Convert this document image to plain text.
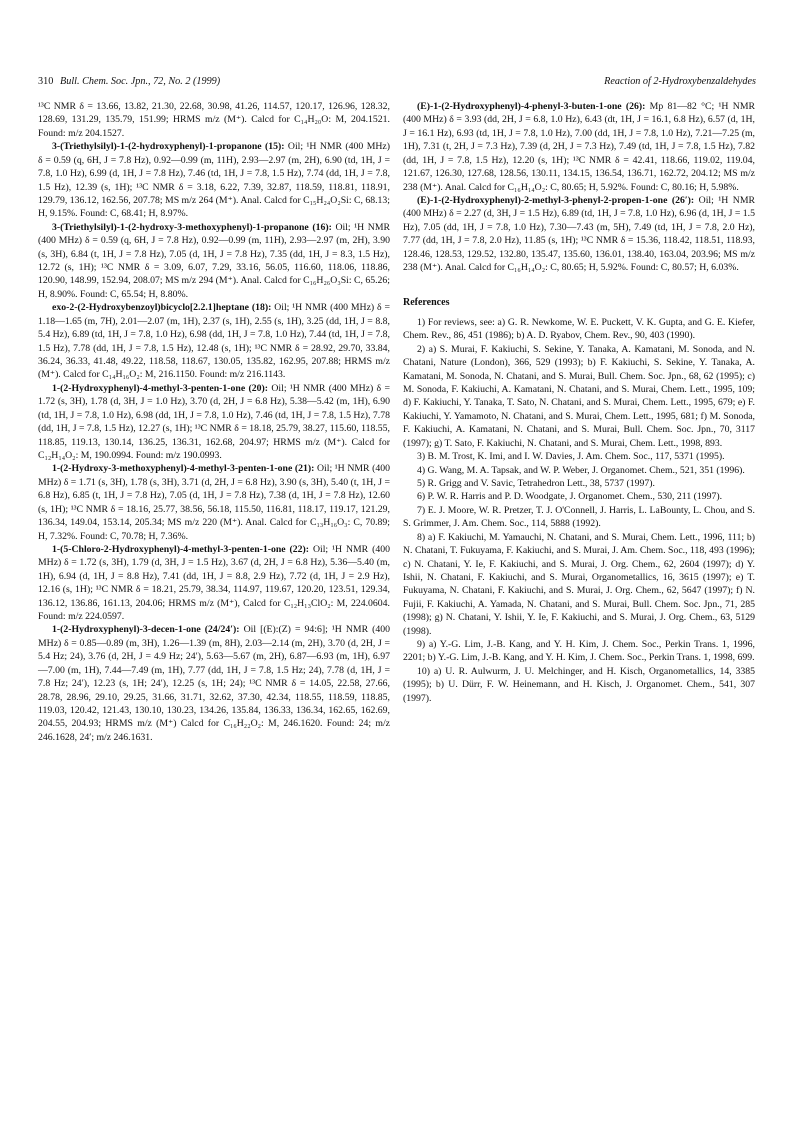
310 Bull. Chem. Soc. Jpn., 72, No. 2 (1999)	Reaction of 2-Hydroxybenzaldehydes

¹³C NMR δ = 13.66, 13.82, 21.30, 22.68, 30.98, 41.26, 114.57, 120.17, 126.96, 128.32, 128.69, 131.29, 135.79, 151.99; HRMS m/z (M⁺). Calcd for C₁₄H₂₀O: M, 204.1521. Found: m/z 204.1527.

3-(Triethylsilyl)-1-(2-hydroxyphenyl)-1-propanone (15): Oil; ¹H NMR (400 MHz) δ = 0.59 (q, 6H, J = 7.8 Hz), 0.92—0.99 (m, 11H), 2.93—2.97 (m, 2H), 6.90 (td, 1H, J = 7.8, 1.0 Hz), 6.99 (d, 1H, J = 7.8 Hz), 7.46 (td, 1H, J = 7.8, 1.5 Hz), 7.74 (dd, 1H, J = 7.8, 1.5 Hz), 12.39 (s, 1H); ¹³C NMR δ = 3.18, 6.22, 7.39, 32.87, 118.59, 118.81, 118.91, 129.79, 136.12, 162.56, 207.78; MS m/z 264 (M⁺). Anal. Calcd for C₁₅H₂₄O₂Si: C, 68.13; H, 9.15%. Found: C, 68.41; H, 8.97%.

3-(Triethylsilyl)-1-(2-hydroxy-3-methoxyphenyl)-1-propanone (16): Oil; ¹H NMR (400 MHz) δ = 0.59 (q, 6H, J = 7.8 Hz), 0.92—0.99 (m, 11H), 2.93—2.97 (m, 2H), 3.90 (s, 3H), 6.84 (t, 1H, J = 7.8 Hz), 7.05 (d, 1H, J = 7.8 Hz), 7.35 (dd, 1H, J = 8.3, 1.5 Hz), 12.72 (s, 1H); ¹³C NMR δ = 3.09, 6.07, 7.29, 33.16, 56.05, 116.60, 118.06, 118.86, 120.90, 148.99, 152.94, 208.07; MS m/z 294 (M⁺). Anal. Calcd for C₁₆H₂₆O₃Si: C, 65.26; H, 8.90%. Found: C, 65.54; H, 8.80%.

exo-2-(2-Hydroxybenzoyl)bicyclo[2.2.1]heptane (18): Oil; ¹H NMR (400 MHz) δ = 1.18—1.65 (m, 7H), 2.01—2.07 (m, 1H), 2.37 (s, 1H), 2.55 (s, 1H), 3.25 (dd, 1H, J = 8.8, 5.4 Hz), 6.89 (td, 1H, J = 7.8, 1.0 Hz), 6.98 (dd, 1H, J = 7.8, 1.0 Hz), 7.44 (td, 1H, J = 7.8, 1.5 Hz), 7.78 (dd, 1H, J = 7.8, 1.5 Hz), 12.48 (s, 1H); ¹³C NMR δ = 28.92, 29.70, 33.84, 36.24, 36.33, 41.48, 49.22, 118.58, 118.67, 130.05, 135.82, 162.95, 207.88; HRMS m/z (M⁺). Calcd for C₁₄H₁₆O₂: M, 216.1150. Found: m/z 216.1143.

1-(2-Hydroxyphenyl)-4-methyl-3-penten-1-one (20): Oil; ¹H NMR (400 MHz) δ = 1.72 (s, 3H), 1.78 (d, 3H, J = 1.0 Hz), 3.70 (d, 2H, J = 6.8 Hz), 5.38—5.42 (m, 1H), 6.90 (td, 1H, J = 7.8, 1.0 Hz), 6.98 (dd, 1H, J = 7.8, 1.0 Hz), 7.46 (td, 1H, J = 7.8, 1.5 Hz), 7.78 (dd, 1H, J = 7.8, 1.5 Hz), 12.27 (s, 1H); ¹³C NMR δ = 18.18, 25.79, 38.27, 115.60, 118.55, 118.85, 119.13, 130.14, 136.25, 136.31, 162.68, 204.97; HRMS m/z (M⁺). Calcd for C₁₂H₁₄O₂: M, 190.0994. Found: m/z 190.0993.

1-(2-Hydroxy-3-methoxyphenyl)-4-methyl-3-penten-1-one (21): Oil; ¹H NMR (400 MHz) δ = 1.71 (s, 3H), 1.78 (s, 3H), 3.71 (d, 2H, J = 6.8 Hz), 3.90 (s, 3H), 5.40 (t, 1H, J = 6.8 Hz), 6.85 (t, 1H, J = 7.8 Hz), 7.05 (d, 1H, J = 7.8 Hz), 7.38 (d, 1H, J = 7.8 Hz), 12.60 (s, 1H); ¹³C NMR δ = 18.16, 25.77, 38.56, 56.18, 115.50, 116.81, 118.17, 119.17, 121.29, 136.34, 149.04, 153.14, 205.34; MS m/z 220 (M⁺). Anal. Calcd for C₁₃H₁₆O₃: C, 70.89; H, 7.32%. Found: C, 70.78; H, 7.36%.

1-(5-Chloro-2-Hydroxyphenyl)-4-methyl-3-penten-1-one (22): Oil; ¹H NMR (400 MHz) δ = 1.72 (s, 3H), 1.79 (d, 3H, J = 1.5 Hz), 3.67 (d, 2H, J = 6.8 Hz), 5.36—5.40 (m, 1H), 6.94 (d, 1H, J = 8.8 Hz), 7.41 (dd, 1H, J = 8.8, 2.9 Hz), 7.72 (d, 1H, J = 2.9 Hz), 12.16 (s, 1H); ¹³C NMR δ = 18.21, 25.79, 38.34, 114.97, 119.67, 120.20, 123.51, 129.34, 136.12, 136.86, 161.13, 204.06; HRMS m/z (M⁺), Calcd for C₁₂H₁₃ClO₂: M, 224.0604. Found: m/z 224.0597.

1-(2-Hydroxyphenyl)-3-decen-1-one (24/24′): Oil [(E):(Z) = 94:6]; ¹H NMR (400 MHz) δ = 0.85—0.89 (m, 3H), 1.26—1.39 (m, 8H), 2.03—2.14 (m, 2H), 3.70 (d, 2H, J = 5.4 Hz; 24), 3.76 (d, 2H, J = 4.9 Hz; 24′), 5.63—5.67 (m, 2H), 6.87—6.93 (m, 1H), 6.97—7.00 (m, 1H), 7.44—7.49 (m, 1H), 7.77 (dd, 1H, J = 7.8, 1.5 Hz; 24), 7.78 (d, 1H, J = 7.8 Hz; 24′), 12.23 (s, 1H; 24′), 12.25 (s, 1H; 24); ¹³C NMR δ = 14.05, 22.58, 27.66, 28.78, 28.96, 29.10, 29.25, 31.66, 31.71, 32.62, 37.30, 42.34, 118.55, 118.59, 118.85, 119.03, 120.42, 121.43, 130.10, 130.23, 134.26, 135.84, 136.33, 136.34, 162.65, 162.69, 204.55, 204.93; HRMS m/z (M⁺) Calcd for C₁₆H₂₂O₂: M, 246.1620. Found: 24; m/z 246.1628, 24′; m/z 246.1631.

(E)-1-(2-Hydroxyphenyl)-4-phenyl-3-buten-1-one (26): Mp 81—82 °C; ¹H NMR (400 MHz) δ = 3.93 (dd, 2H, J = 6.8, 1.0 Hz), 6.43 (dt, 1H, J = 16.1, 6.8 Hz), 6.57 (d, 1H, J = 16.1 Hz), 6.93 (td, 1H, J = 7.8, 1.0 Hz), 7.00 (dd, 1H, J = 7.8, 1.0 Hz), 7.21—7.25 (m, 1H), 7.31 (t, 2H, J = 7.3 Hz), 7.39 (d, 2H, J = 7.3 Hz), 7.49 (td, 1H, J = 7.8, 1.5 Hz), 7.82 (dd, 1H, J = 7.8, 1.5 Hz), 12.20 (s, 1H); ¹³C NMR δ = 42.41, 118.66, 119.02, 119.04, 121.67, 126.30, 127.68, 128.56, 130.11, 134.15, 136.54, 136.71, 162.72, 204.12; MS m/z 238 (M⁺). Anal. Calcd for C₁₆H₁₄O₂: C, 80.65; H, 5.92%. Found: C, 80.16; H, 5.98%.

(E)-1-(2-Hydroxyphenyl)-2-methyl-3-phenyl-2-propen-1-one (26′): Oil; ¹H NMR (400 MHz) δ = 2.27 (d, 3H, J = 1.5 Hz), 6.89 (td, 1H, J = 7.8, 1.0 Hz), 6.96 (d, 1H, J = 1.5 Hz), 7.05 (dd, 1H, J = 7.8, 1.0 Hz), 7.30—7.43 (m, 5H), 7.49 (td, 1H, J = 7.8, 2.0 Hz), 7.77 (dd, 1H, J = 7.8, 2.0 Hz), 11.85 (s, 1H); ¹³C NMR δ = 15.36, 118.42, 118.51, 118.93, 128.46, 128.53, 129.52, 132.80, 135.47, 135.60, 136.01, 138.40, 163.04, 203.96; MS m/z 238 (M⁺). Anal. Calcd for C₁₆H₁₄O₂: C, 80.65; H, 5.92%. Found: C, 80.57; H, 6.03%.

References

1) For reviews, see: a) G. R. Newkome, W. E. Puckett, V. K. Gupta, and G. E. Kiefer, Chem. Rev., 86, 451 (1986); b) A. D. Ryabov, Chem. Rev., 90, 403 (1990).

2) a) S. Murai, F. Kakiuchi, S. Sekine, Y. Tanaka, A. Kamatani, M. Sonoda, and N. Chatani, Nature (London), 366, 529 (1993); b) F. Kakiuchi, S. Sekine, Y. Tanaka, A. Kamatani, M. Sonoda, N. Chatani, and S. Murai, Bull. Chem. Soc. Jpn., 68, 62 (1995); c) M. Sonoda, F. Kakiuchi, A. Kamatani, N. Chatani, and S. Murai, Chem. Lett., 1995, 109; d) F. Kakiuchi, Y. Tanaka, T. Sato, N. Chatani, and S. Murai, Chem. Lett., 1995, 679; e) F. Kakiuchi, Y. Yamamoto, N. Chatani, and S. Murai, Chem. Lett., 1995, 681; f) M. Sonoda, F. Kakiuchi, A. Kamatani, N. Chatani, and S. Murai, Bull. Chem. Soc. Jpn., 70, 3117 (1997); g) T. Sato, F. Kakiuchi, N. Chatani, and S. Murai, Chem. Lett., 1998, 893.

3) B. M. Trost, K. Imi, and I. W. Davies, J. Am. Chem. Soc., 117, 5371 (1995).

4) G. Wang, M. A. Tapsak, and W. P. Weber, J. Organomet. Chem., 521, 351 (1996).

5) R. Grigg and V. Savic, Tetrahedron Lett., 38, 5737 (1997).

6) P. W. R. Harris and P. D. Woodgate, J. Organomet. Chem., 530, 211 (1997).

7) E. J. Moore, W. R. Pretzer, T. J. O'Connell, J. Harris, L. LaBounty, L. Chou, and S. S. Grimmer, J. Am. Chem. Soc., 114, 5888 (1992).

8) a) F. Kakiuchi, M. Yamauchi, N. Chatani, and S. Murai, Chem. Lett., 1996, 111; b) N. Chatani, T. Fukuyama, F. Kakiuchi, and S. Murai, J. Am. Chem. Soc., 118, 493 (1996); c) N. Chatani, Y. Ie, F. Kakiuchi, and S. Murai, J. Org. Chem., 62, 2604 (1997); d) Y. Ishii, N. Chatani, F. Kakiuchi, and S. Murai, Organometallics, 16, 3615 (1997); e) T. Fukuyama, N. Chatani, F. Kakiuchi, and S. Murai, J. Org. Chem., 62, 5647 (1997); f) N. Fujii, F. Kakiuchi, A. Yamada, N. Chatani, and S. Murai, Bull. Chem. Soc. Jpn., 71, 285 (1998); g) N. Chatani, Y. Ishii, Y. Ie, F. Kakiuchi, and S. Murai, J. Org. Chem., 63, 5129 (1998).

9) a) Y.-G. Lim, J.-B. Kang, and Y. H. Kim, J. Chem. Soc., Perkin Trans. 1, 1996, 2201; b) Y.-G. Lim, J.-B. Kang, and Y. H. Kim, J. Chem. Soc., Perkin Trans. 1, 1998, 699.

10) a) U. R. Aulwurm, J. U. Melchinger, and H. Kisch, Organometallics, 14, 3385 (1995); b) U. Dürr, F. W. Heinemann, and H. Kisch, J. Organomet. Chem., 541, 307 (1997).
